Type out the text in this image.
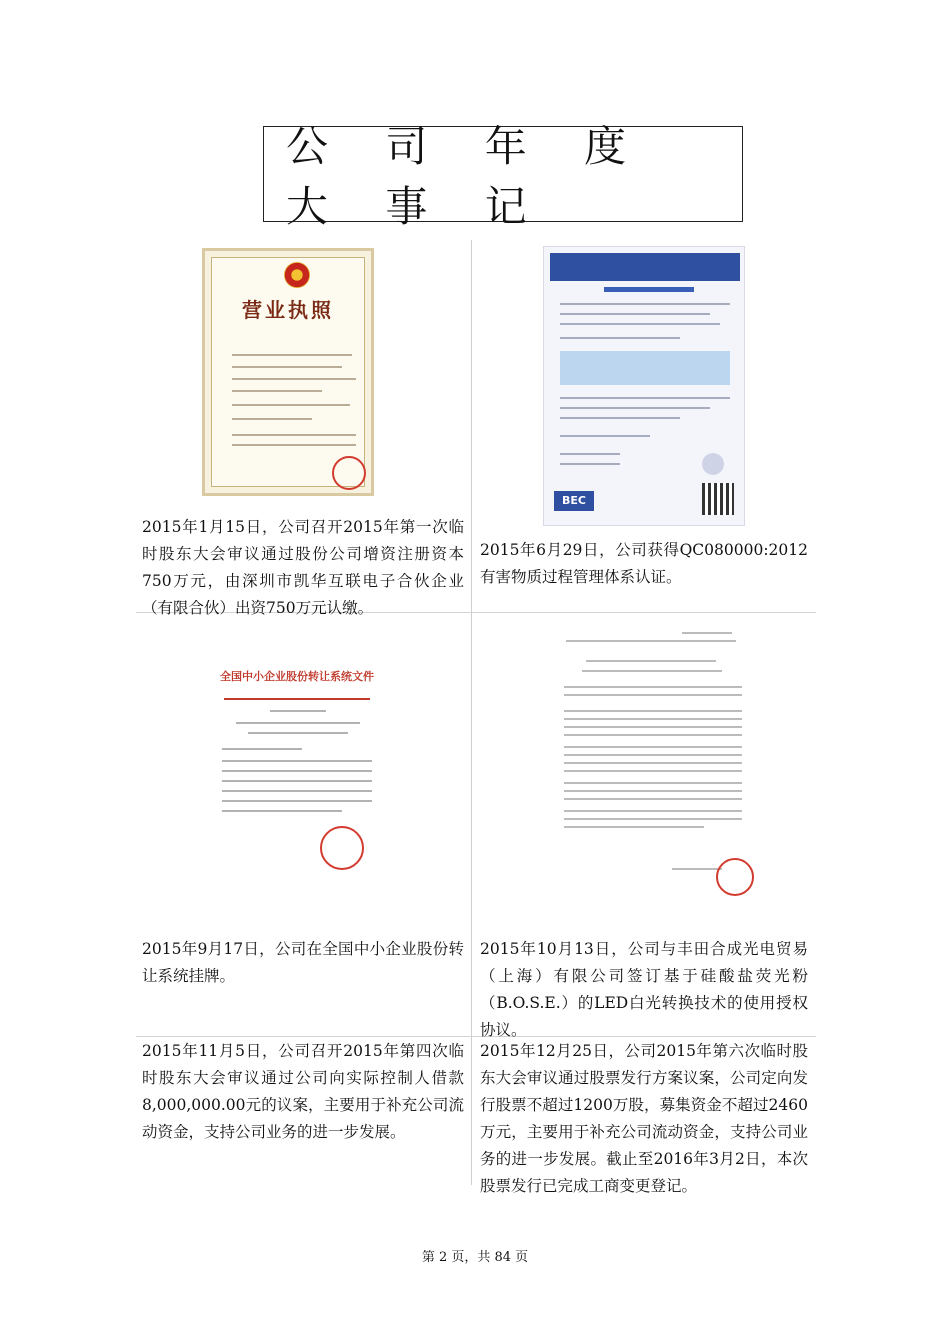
公 司 年 度 大 事 记
营业执照
BEC
2015年1月15日，公司召开2015年第一次临时股东大会审议通过股份公司增资注册资本750万元，由深圳市凯华互联电子合伙企业（有限合伙）出资750万元认缴。
2015年6月29日，公司获得QC080000:2012有害物质过程管理体系认证。
全国中小企业股份转让系统文件
2015年9月17日，公司在全国中小企业股份转让系统挂牌。
2015年10月13日，公司与丰田合成光电贸易（上海）有限公司签订基于硅酸盐荧光粉（B.O.S.E.）的LED白光转换技术的使用授权协议。
2015年11月5日，公司召开2015年第四次临时股东大会审议通过公司向实际控制人借款8,000,000.00元的议案，主要用于补充公司流动资金，支持公司业务的进一步发展。
2015年12月25日，公司2015年第六次临时股东大会审议通过股票发行方案议案，公司定向发行股票不超过1200万股，募集资金不超过2460万元，主要用于补充公司流动资金，支持公司业务的进一步发展。截止至2016年3月2日，本次股票发行已完成工商变更登记。
第 2 页，共 84 页
